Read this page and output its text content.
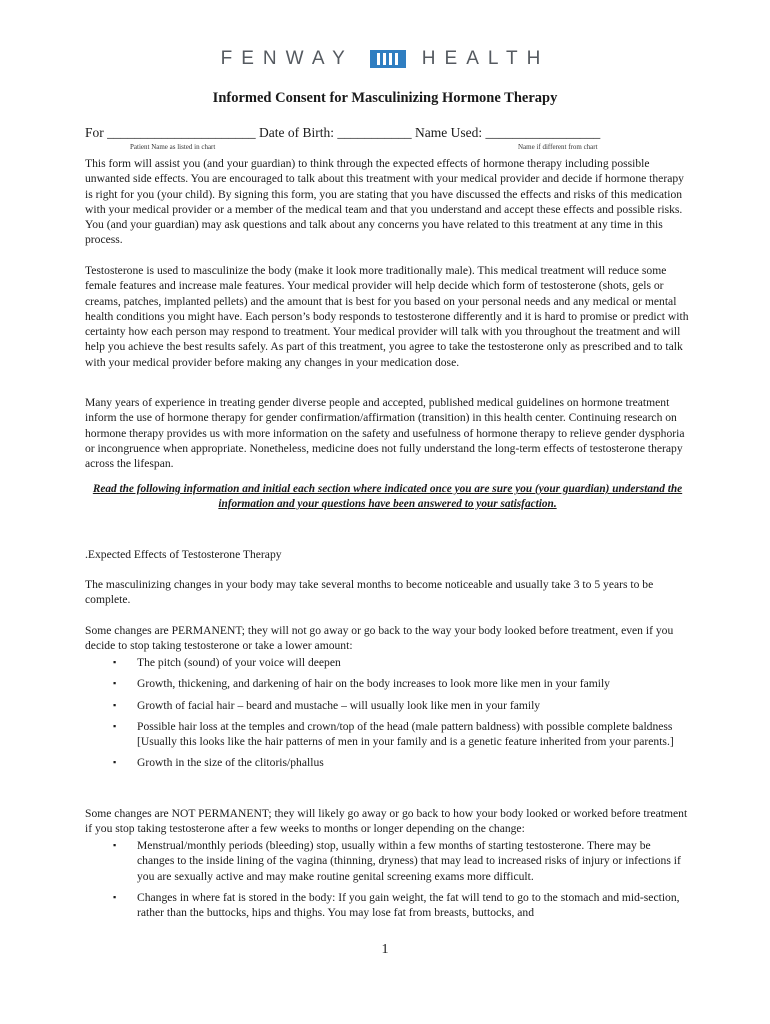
FENWAY	HEALTH
Informed Consent for Masculinizing Hormone Therapy
For ______________________ Date of Birth: ___________ Name Used: _________________
Patient Name as listed in chart	Name if different from chart

This form will assist you (and your guardian) to think through the expected effects of hormone therapy including possible unwanted side effects. You are encouraged to talk about this treatment with your medical provider and decide if hormone therapy is right for you (your child). By signing this form, you are stating that you have discussed the effects and risks of this medication with your medical provider or a member of the medical team and that you understand and accept these effects and possible risks. You (and your guardian) may ask questions and talk about any concerns you have related to this treatment at any time in this process.

Testosterone is used to masculinize the body (make it look more traditionally male). This medical treatment will reduce some female features and increase male features. Your medical provider will help decide which form of testosterone (shots, gels or creams, patches, implanted pellets) and the amount that is best for you based on your personal needs and any medical or mental health conditions you might have. Each person’s body responds to testosterone differently and it is hard to promise or predict with certainty how each person may respond to treatment. Your medical provider will talk with you throughout the treatment and will help you achieve the best results safely. As part of this treatment, you agree to take the testosterone only as prescribed and to talk with your medical provider before making any changes in your medication dose.

Many years of experience in treating gender diverse people and accepted, published medical guidelines on hormone treatment inform the use of hormone therapy for gender confirmation/affirmation (transition) in this health center. Continuing research on hormone therapy provides us with more information on the safety and usefulness of hormone therapy to relieve gender dysphoria or incongruence when appropriate. Nonetheless, medicine does not fully understand the long-term effects of testosterone therapy across the lifespan.

Read the following information and initial each section where indicated once you are sure you (your guardian) understand the information and your questions have been answered to your satisfaction.

.Expected Effects of Testosterone Therapy

The masculinizing changes in your body may take several months to become noticeable and usually take 3 to 5 years to be complete.

Some changes are PERMANENT; they will not go away or go back to the way your body looked before treatment, even if you decide to stop taking testosterone or take a lower amount:

▪ The pitch (sound) of your voice will deepen
▪ Growth, thickening, and darkening of hair on the body increases to look more like men in your family
▪ Growth of facial hair – beard and mustache – will usually look like men in your family
▪ Possible hair loss at the temples and crown/top of the head (male pattern baldness) with possible complete baldness [Usually this looks like the hair patterns of men in your family and is a genetic feature inherited from your parents.]
▪ Growth in the size of the clitoris/phallus

Some changes are NOT PERMANENT; they will likely go away or go back to how your body looked or worked before treatment if you stop taking testosterone after a few weeks to months or longer depending on the change:

▪ Menstrual/monthly periods (bleeding) stop, usually within a few months of starting testosterone. There may be changes to the inside lining of the vagina (thinning, dryness) that may lead to increased risks of injury or infections if you are sexually active and may make routine genital screening exams more difficult.
▪ Changes in where fat is stored in the body: If you gain weight, the fat will tend to go to the stomach and mid-section, rather than the buttocks, hips and thighs. You may lose fat from breasts, buttocks, and
1
